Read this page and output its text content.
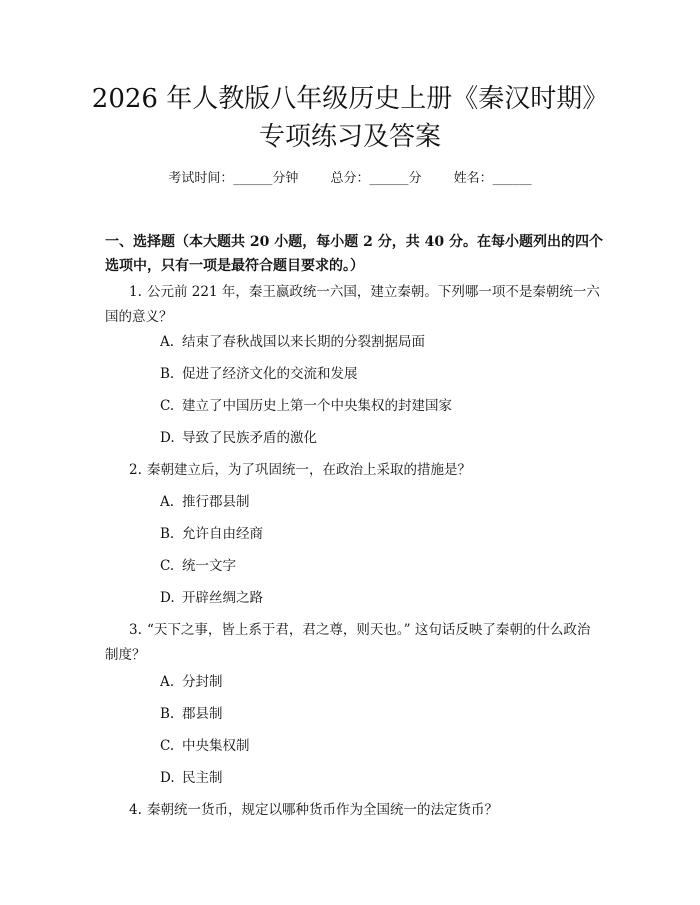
2026 年人教版八年级历史上册《秦汉时期》
专项练习及答案
考试时间：______分钟 总分：______分 姓名：______
一、选择题（本大题共 20 小题，每小题 2 分，共 40 分。在每小题列出的四个选项中，只有一项是最符合题目要求的。）
1. 公元前 221 年，秦王嬴政统一六国，建立秦朝。下列哪一项不是秦朝统一六国的意义？
A. 结束了春秋战国以来长期的分裂割据局面
B. 促进了经济文化的交流和发展
C. 建立了中国历史上第一个中央集权的封建国家
D. 导致了民族矛盾的激化
2. 秦朝建立后，为了巩固统一，在政治上采取的措施是？
A. 推行郡县制
B. 允许自由经商
C. 统一文字
D. 开辟丝绸之路
3. “天下之事，皆上系于君，君之尊，则天也。” 这句话反映了秦朝的什么政治制度？
A. 分封制
B. 郡县制
C. 中央集权制
D. 民主制
4. 秦朝统一货币，规定以哪种货币作为全国统一的法定货币？
